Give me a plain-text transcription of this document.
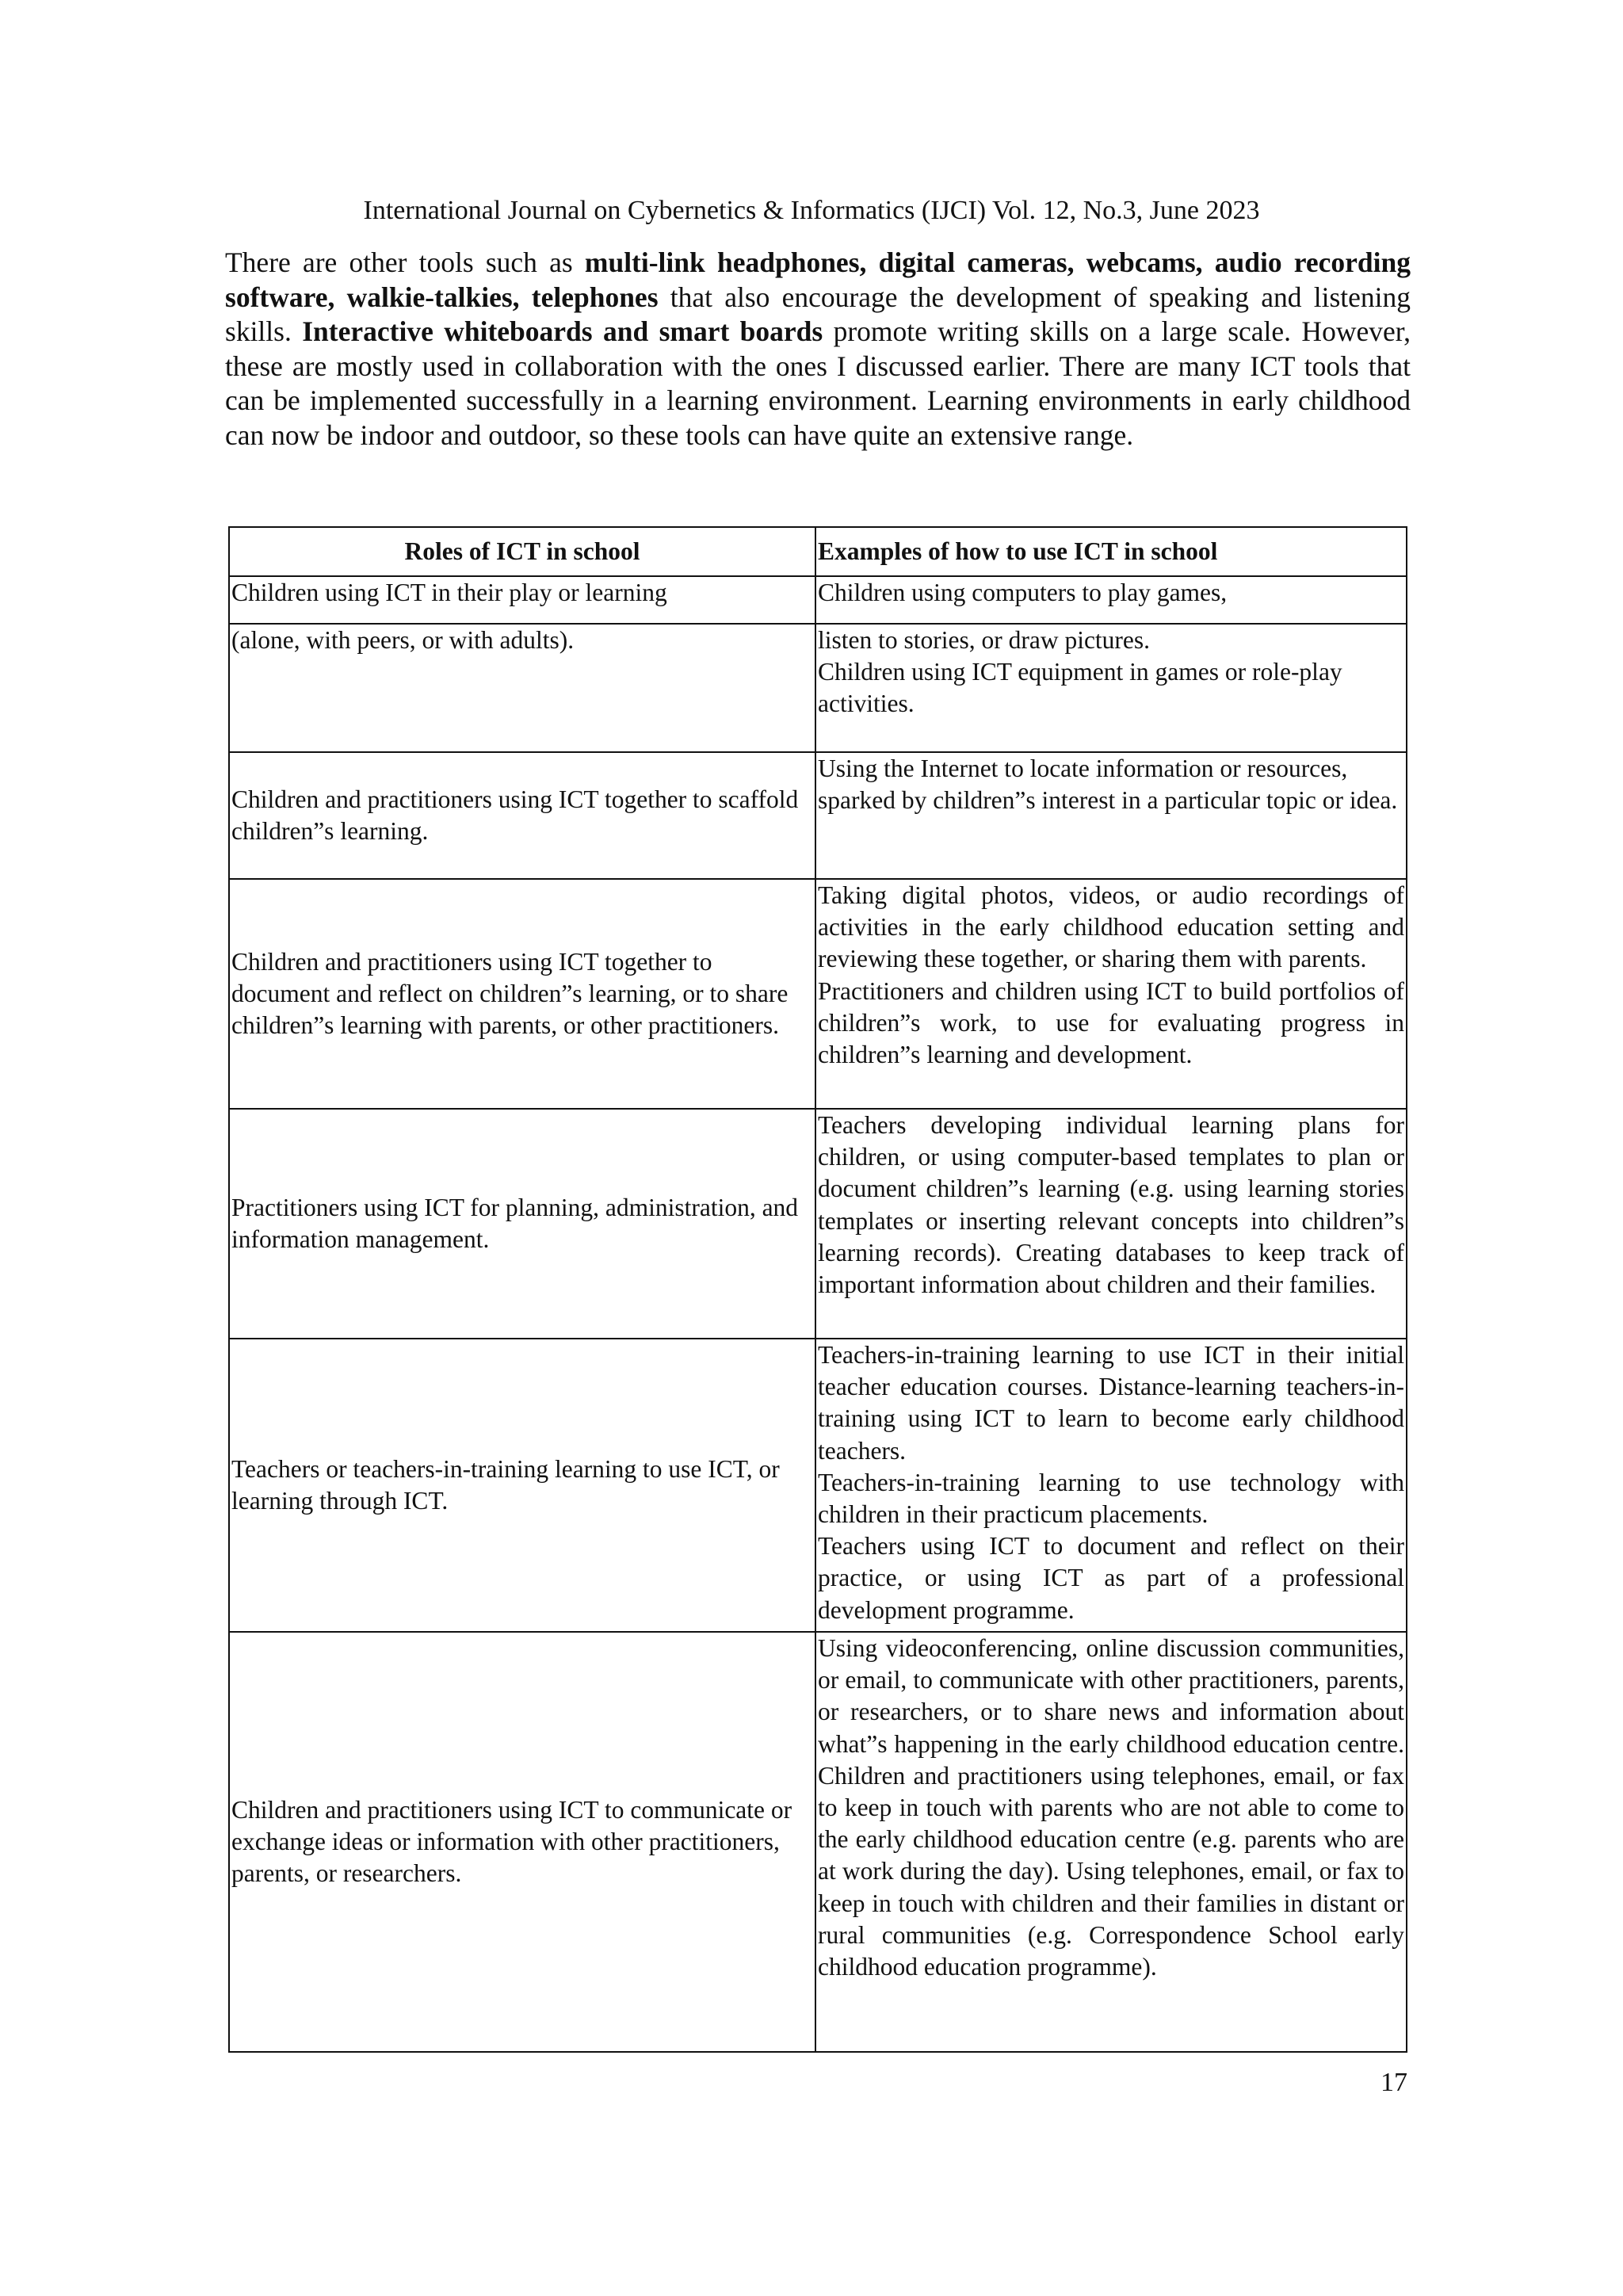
International Journal on Cybernetics & Informatics (IJCI) Vol. 12, No.3, June 2023

There are other tools such as multi-link headphones, digital cameras, webcams, audio recording software, walkie-talkies, telephones that also encourage the development of speaking and listening skills. Interactive whiteboards and smart boards promote writing skills on a large scale. However, these are mostly used in collaboration with the ones I discussed earlier. There are many ICT tools that can be implemented successfully in a learning environment. Learning environments in early childhood can now be indoor and outdoor, so these tools can have quite an extensive range.

Roles of ICT in school	Examples of how to use ICT in school
Children using ICT in their play or learning	Children using computers to play games,

(alone, with peers, or with adults).	listen to stories, or draw pictures.
Children using ICT equipment in games or role-play activities.

Children and practitioners using ICT together to scaffold children”s learning.	Using the Internet to locate information or resources, sparked by children”s interest in a particular topic or idea.

Children and practitioners using ICT together to document and reflect on children”s learning, or to share children”s learning with parents, or other practitioners.	Taking digital photos, videos, or audio recordings of activities in the early childhood education setting and reviewing these together, or sharing them with parents.
Practitioners and children using ICT to build portfolios of children”s work, to use for evaluating progress in children”s learning and development.

Practitioners using ICT for planning, administration, and information management.	Teachers developing individual learning plans for children, or using computer-based templates to plan or document children”s learning (e.g. using learning stories templates or inserting relevant concepts into children”s learning records). Creating databases to keep track of important information about children and their families.

Teachers or teachers-in-training learning to use ICT, or learning through ICT.	Teachers-in-training learning to use ICT in their initial teacher education courses. Distance-learning teachers-in-training using ICT to learn to become early childhood teachers.
Teachers-in-training learning to use technology with children in their practicum placements.
Teachers using ICT to document and reflect on their practice, or using ICT as part of a professional development programme.

Children and practitioners using ICT to communicate or exchange ideas or information with other practitioners, parents, or researchers.	Using videoconferencing, online discussion communities, or email, to communicate with other practitioners, parents, or researchers, or to share news and information about what”s happening in the early childhood education centre. Children and practitioners using telephones, email, or fax to keep in touch with parents who are not able to come to the early childhood education centre (e.g. parents who are at work during the day). Using telephones, email, or fax to keep in touch with children and their families in distant or rural communities (e.g. Correspondence School early childhood education programme).
17
